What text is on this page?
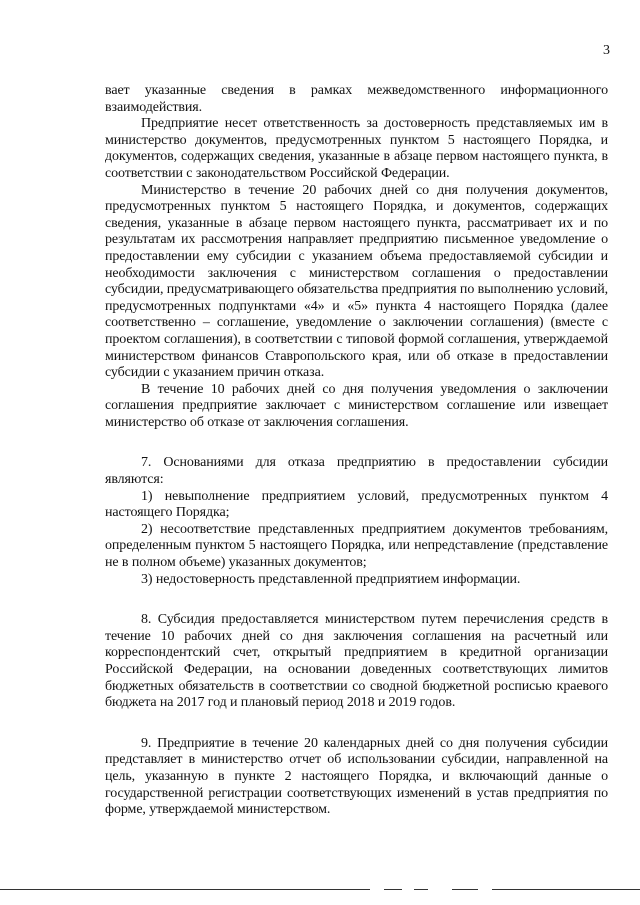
3

вает указанные сведения в рамках межведомственного информационного взаимодействия.

Предприятие несет ответственность за достоверность представляемых им в министерство документов, предусмотренных пунктом 5 настоящего Порядка, и документов, содержащих сведения, указанные в абзаце первом настоящего пункта, в соответствии с законодательством Российской Федерации.

Министерство в течение 20 рабочих дней со дня получения документов, предусмотренных пунктом 5 настоящего Порядка, и документов, содержащих сведения, указанные в абзаце первом настоящего пункта, рассматривает их и по результатам их рассмотрения направляет предприятию письменное уведомление о предоставлении ему субсидии с указанием объема предоставляемой субсидии и необходимости заключения с министерством соглашения о предоставлении субсидии, предусматривающего обязательства предприятия по выполнению условий, предусмотренных подпунктами «4» и «5» пункта 4 настоящего Порядка (далее соответственно – соглашение, уведомление о заключении соглашения) (вместе с проектом соглашения), в соответствии с типовой формой соглашения, утверждаемой министерством финансов Ставропольского края, или об отказе в предоставлении субсидии с указанием причин отказа.

В течение 10 рабочих дней со дня получения уведомления о заключении соглашения предприятие заключает с министерством соглашение или извещает министерство об отказе от заключения соглашения.

7. Основаниями для отказа предприятию в предоставлении субсидии являются:

1) невыполнение предприятием условий, предусмотренных пунктом 4 настоящего Порядка;

2) несоответствие представленных предприятием документов требованиям, определенным пунктом 5 настоящего Порядка, или непредставление (представление не в полном объеме) указанных документов;

3) недостоверность представленной предприятием информации.

8. Субсидия предоставляется министерством путем перечисления средств в течение 10 рабочих дней со дня заключения соглашения на расчетный или корреспондентский счет, открытый предприятием в кредитной организации Российской Федерации, на основании доведенных соответствующих лимитов бюджетных обязательств в соответствии со сводной бюджетной росписью краевого бюджета на 2017 год и плановый период 2018 и 2019 годов.

9. Предприятие в течение 20 календарных дней со дня получения субсидии представляет в министерство отчет об использовании субсидии, направленной на цель, указанную в пункте 2 настоящего Порядка, и включающий данные о государственной регистрации соответствующих изменений в устав предприятия по форме, утверждаемой министерством.
